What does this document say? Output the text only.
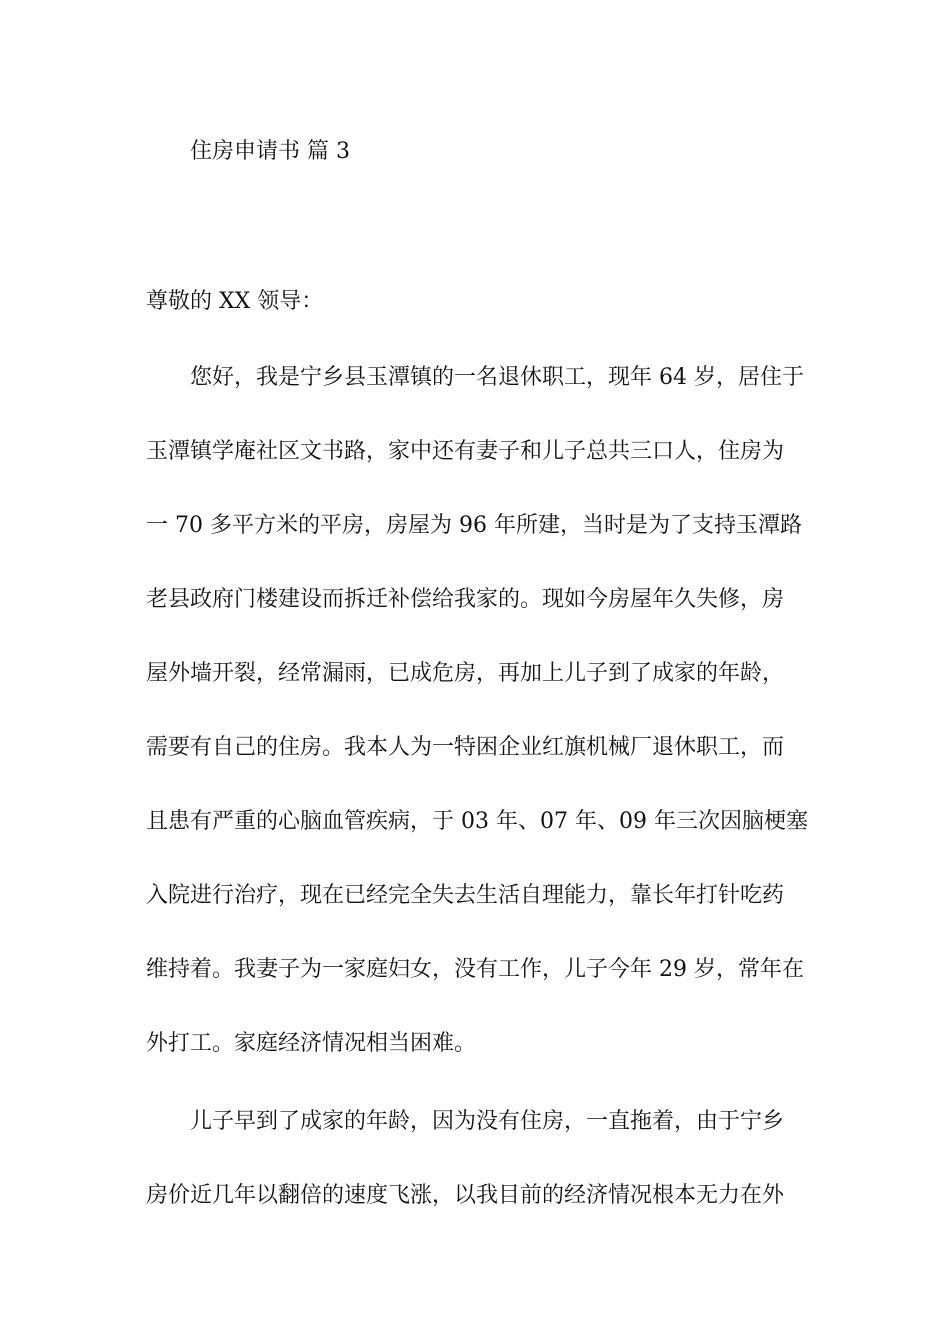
住房申请书 篇 3
尊敬的 XX 领导：
您好，我是宁乡县玉潭镇的一名退休职工，现年 64 岁，居住于
玉潭镇学庵社区文书路，家中还有妻子和儿子总共三口人，住房为
一 70 多平方米的平房，房屋为 96 年所建，当时是为了支持玉潭路
老县政府门楼建设而拆迁补偿给我家的。现如今房屋年久失修，房
屋外墙开裂，经常漏雨，已成危房，再加上儿子到了成家的年龄，
需要有自己的住房。我本人为一特困企业红旗机械厂退休职工，而
且患有严重的心脑血管疾病，于 03 年、07 年、09 年三次因脑梗塞
入院进行治疗，现在已经完全失去生活自理能力，靠长年打针吃药
维持着。我妻子为一家庭妇女，没有工作，儿子今年 29 岁，常年在
外打工。家庭经济情况相当困难。
儿子早到了成家的年龄，因为没有住房，一直拖着，由于宁乡
房价近几年以翻倍的速度飞涨，以我目前的经济情况根本无力在外
